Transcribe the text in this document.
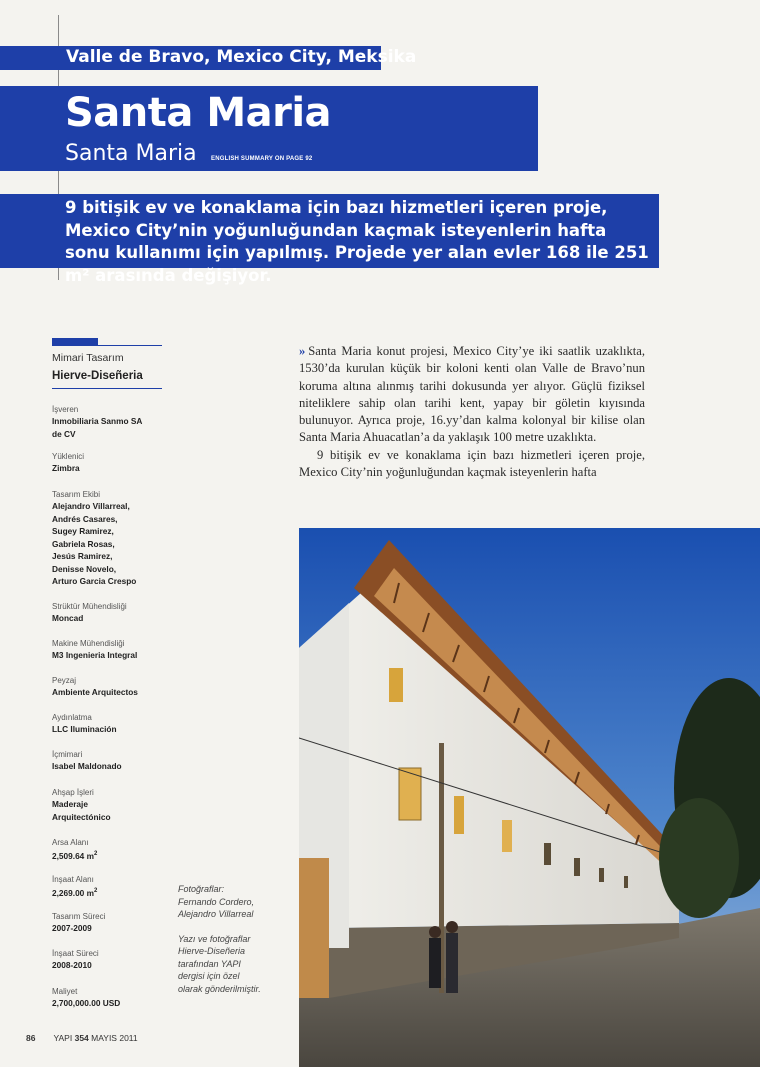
Valle de Bravo, Mexico City, Meksika
Santa Maria
Santa Maria ENGLISH SUMMARY ON PAGE 92
9 bitişik ev ve konaklama için bazı hizmetleri içeren proje, Mexico City’nin yoğunluğundan kaçmak isteyenlerin hafta sonu kullanımı için yapılmış. Projede yer alan evler 168 ile 251 m² arasında değişiyor.
Mimari Tasarım
Hierve-Diseñeria
İşveren
Inmobiliaria Sanmo SA
de CV
Yüklenici
Zimbra
Tasarım Ekibi
Alejandro Villarreal,
Andrés Casares,
Sugey Ramirez,
Gabriela Rosas,
Jesús Ramirez,
Denisse Novelo,
Arturo Garcia Crespo
Strüktür Mühendisliği
Moncad
Makine Mühendisliği
M3 Ingenieria Integral
Peyzaj
Ambiente Arquitectos
Aydınlatma
LLC Iluminación
İçmimari
Isabel Maldonado
Ahşap İşleri
Maderaje
Arquitectónico
Arsa Alanı
2,509.64 $m^2$
İnşaat Alanı
2,269.00 $m^2$
Tasarım Süreci
2007-2009
İnşaat Süreci
2008-2010
Maliyet
2,700,000.00 USD

Fotoğraflar:
Fernando Cordero,
Alejandro Villarreal

Yazı ve fotoğraflar
Hierve-Diseñeria
tarafından YAPI
dergisi için özel
olarak gönderilmiştir.

» Santa Maria konut projesi, Mexico City’ye iki saatlik uzaklıkta, 1530’da kurulan küçük bir koloni kenti olan Valle de Bravo’nun koruma altına alınmış tarihi dokusunda yer alıyor. Güçlü fiziksel niteliklere sahip olan tarihi kent, yapay bir göletin kıyısında bulunuyor. Ayrıca proje, 16.yy’dan kalma kolonyal bir kilise olan Santa Maria Ahuacatlan’a da yaklaşık 100 metre uzaklıkta.

9 bitişik ev ve konaklama için bazı hizmetleri içeren proje, Mexico City’nin yoğunluğundan kaçmak isteyenlerin hafta

86 YAPI 354 MAYIS 2011
